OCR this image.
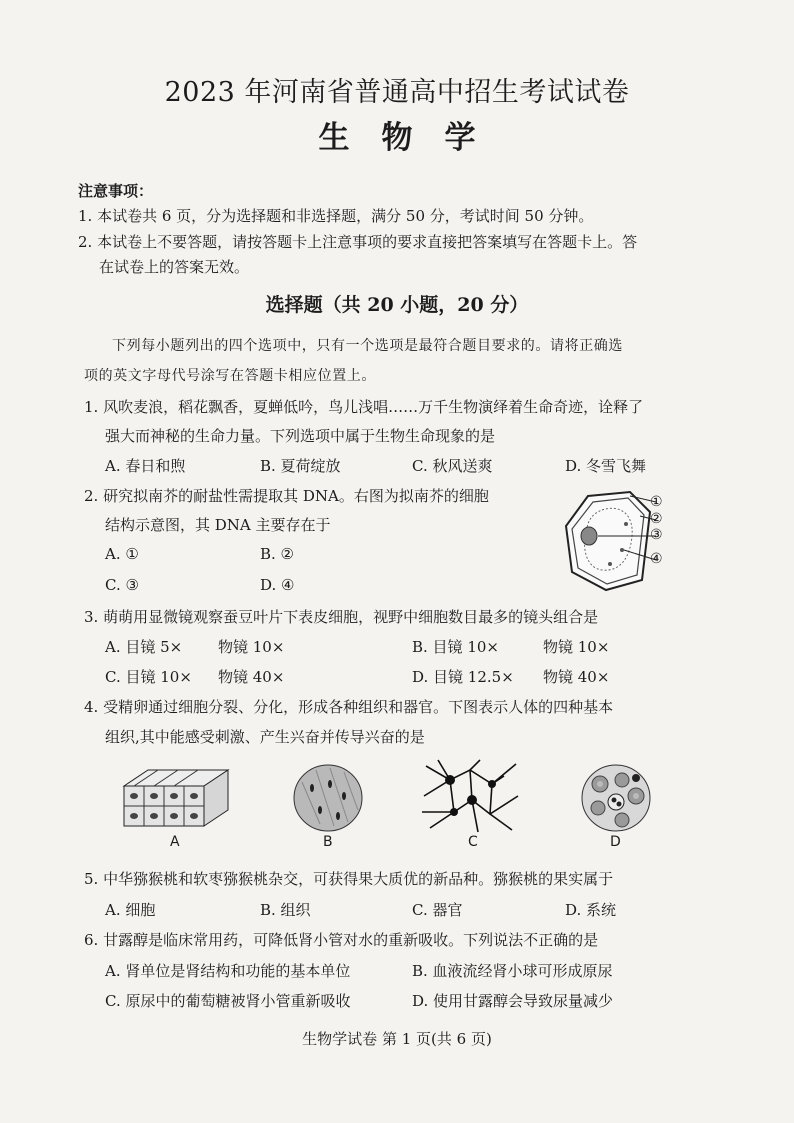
2023 年河南省普通高中招生考试试卷
生物学
注意事项：
1. 本试卷共 6 页，分为选择题和非选择题，满分 50 分，考试时间 50 分钟。
2. 本试卷上不要答题，请按答题卡上注意事项的要求直接把答案填写在答题卡上。答
在试卷上的答案无效。
选择题（共 20 小题，20 分）
下列每小题列出的四个选项中，只有一个选项是最符合题目要求的。请将正确选
项的英文字母代号涂写在答题卡相应位置上。
1. 风吹麦浪，稻花飘香，夏蝉低吟，鸟儿浅唱……万千生物演绎着生命奇迹，诠释了
强大而神秘的生命力量。下列选项中属于生物生命现象的是
A. 春日和煦	B. 夏荷绽放	C. 秋风送爽	D. 冬雪飞舞
2. 研究拟南芥的耐盐性需提取其 DNA。右图为拟南芥的细胞
结构示意图，其 DNA 主要存在于
A. ①	B. ②
C. ③	D. ④
①
②
③
④
3. 萌萌用显微镜观察蚕豆叶片下表皮细胞，视野中细胞数目最多的镜头组合是
A. 目镜 5× 物镜 10×	B. 目镜 10×	物镜 10×
C. 目镜 10× 物镜 40×	D. 目镜 12.5× 物镜 40×
4. 受精卵通过细胞分裂、分化，形成各种组织和器官。下图表示人体的四种基本
组织,其中能感受刺激、产生兴奋并传导兴奋的是
A	B	C	D
5. 中华猕猴桃和软枣猕猴桃杂交，可获得果大质优的新品种。猕猴桃的果实属于
A. 细胞	B. 组织	C. 器官	D. 系统
6. 甘露醇是临床常用药，可降低肾小管对水的重新吸收。下列说法不正确的是
A. 肾单位是肾结构和功能的基本单位	B. 血液流经肾小球可形成原尿
C. 原尿中的葡萄糖被肾小管重新吸收	D. 使用甘露醇会导致尿量减少
生物学试卷 第 1 页(共 6 页)
